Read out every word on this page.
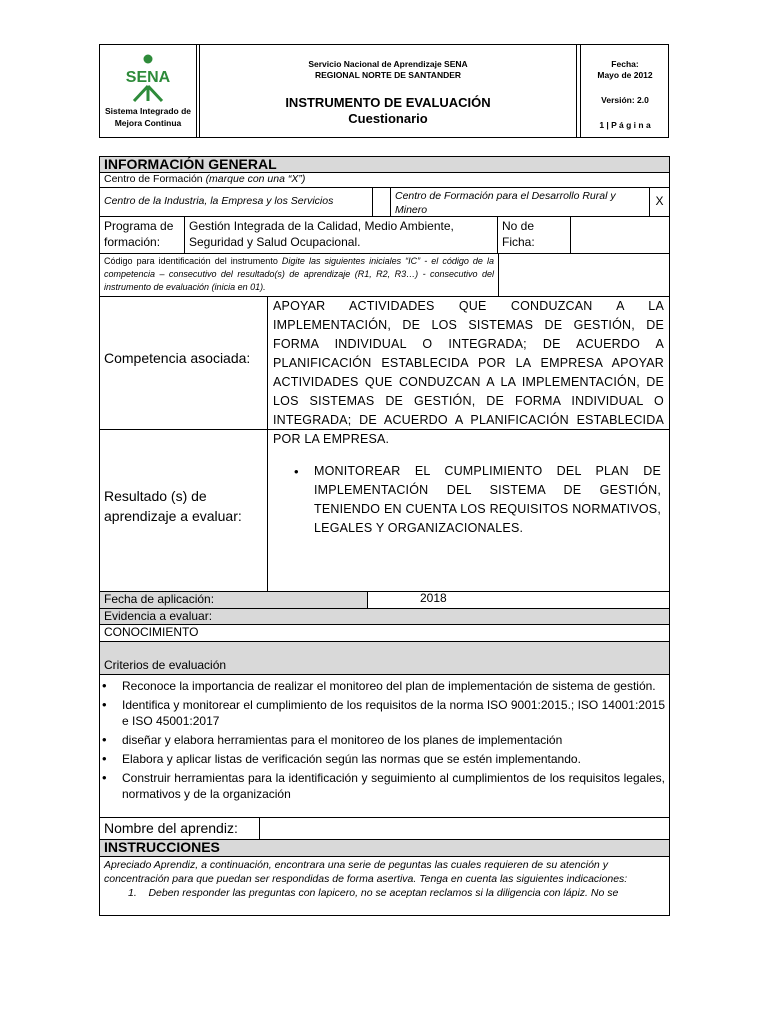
SENA
Sistema Integrado de
Mejora Continua
Servicio Nacional de Aprendizaje SENA
REGIONAL NORTE DE SANTANDER
INSTRUMENTO DE EVALUACIÓN
Cuestionario
Fecha:
Mayo de 2012
Versión: 2.0
1 | P á g i n a
INFORMACIÓN GENERAL
Centro de Formación (marque con una “X”)
Centro de la Industria, la Empresa y los Servicios	Centro de Formación para el Desarrollo Rural y Minero
X
Programa de formación:
Gestión Integrada de la Calidad, Medio Ambiente, Seguridad y Salud Ocupacional.
No de Ficha:
Código para identificación del instrumento Digite las siguientes iniciales “IC” - el código de la competencia – consecutivo del resultado(s) de aprendizaje (R1, R2, R3…) - consecutivo del instrumento de evaluación (inicia en 01).
Competencia asociada:
APOYAR ACTIVIDADES QUE CONDUZCAN A LA IMPLEMENTACIÓN, DE LOS SISTEMAS DE GESTIÓN, DE FORMA INDIVIDUAL O INTEGRADA; DE ACUERDO A PLANIFICACIÓN ESTABLECIDA POR LA EMPRESA APOYAR ACTIVIDADES QUE CONDUZCAN A LA IMPLEMENTACIÓN, DE LOS SISTEMAS DE GESTIÓN, DE FORMA INDIVIDUAL O INTEGRADA; DE ACUERDO A PLANIFICACIÓN ESTABLECIDA POR LA EMPRESA.
Resultado (s) de aprendizaje a evaluar:
• MONITOREAR EL CUMPLIMIENTO DEL PLAN DE IMPLEMENTACIÓN DEL SISTEMA DE GESTIÓN, TENIENDO EN CUENTA LOS REQUISITOS NORMATIVOS, LEGALES Y ORGANIZACIONALES.
Fecha de aplicación:	2018
Evidencia a evaluar:
CONOCIMIENTO
Criterios de evaluación
• Reconoce la importancia de realizar el monitoreo del plan de implementación de sistema de gestión.
• Identifica y monitorear el cumplimiento de los requisitos de la norma ISO 9001:2015.; ISO 14001:2015 e ISO 45001:2017
• diseñar y elabora herramientas para el monitoreo de los planes de implementación
• Elabora y aplicar listas de verificación según las normas que se estén implementando.
• Construir herramientas para la identificación y seguimiento al cumplimientos de los requisitos legales, normativos y de la organización
Nombre del aprendiz:
INSTRUCCIONES
Apreciado Aprendiz, a continuación, encontrara una serie de peguntas las cuales requieren de su atención y concentración para que puedan ser respondidas de forma asertiva. Tenga en cuenta las siguientes indicaciones:
1. Deben responder las preguntas con lapicero, no se aceptan reclamos si la diligencia con lápiz. No se
